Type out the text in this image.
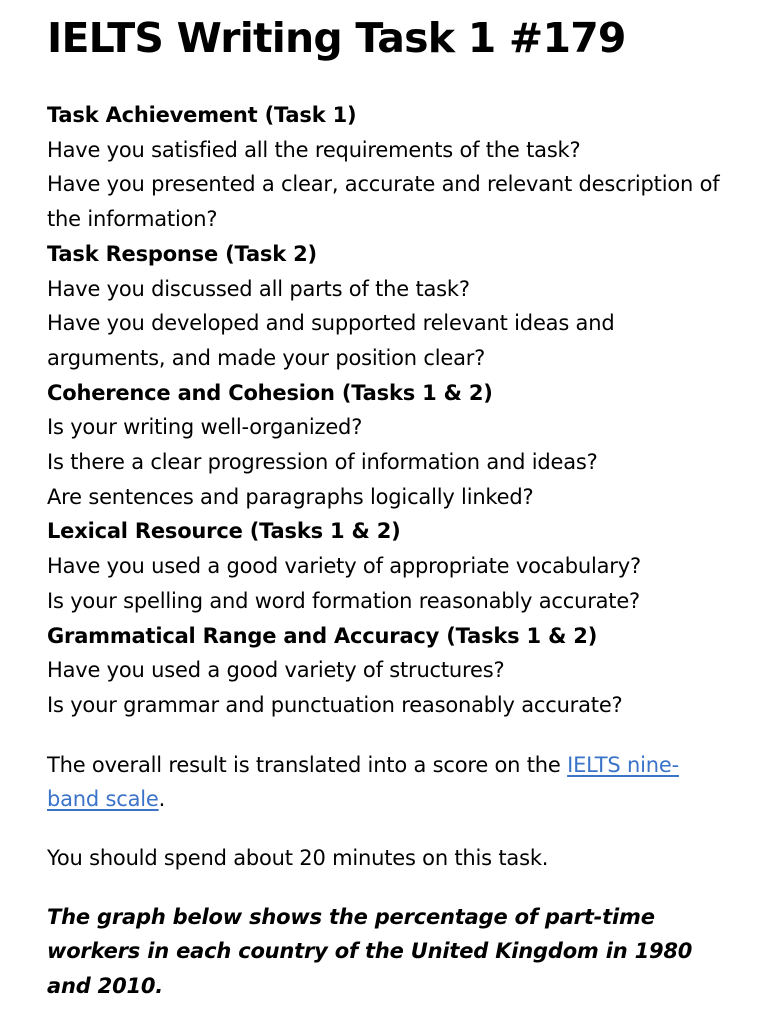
IELTS Writing Task 1 #179
Task Achievement (Task 1)
Have you satisfied all the requirements of the task?
Have you presented a clear, accurate and relevant description of the information?
Task Response (Task 2)
Have you discussed all parts of the task?
Have you developed and supported relevant ideas and arguments, and made your position clear?
Coherence and Cohesion (Tasks 1 & 2)
Is your writing well-organized?
Is there a clear progression of information and ideas?
Are sentences and paragraphs logically linked?
Lexical Resource (Tasks 1 & 2)
Have you used a good variety of appropriate vocabulary?
Is your spelling and word formation reasonably accurate?
Grammatical Range and Accuracy (Tasks 1 & 2)
Have you used a good variety of structures?
Is your grammar and punctuation reasonably accurate?
The overall result is translated into a score on the IELTS nine-band scale.
You should spend about 20 minutes on this task.
The graph below shows the percentage of part-time workers in each country of the United Kingdom in 1980 and 2010.
